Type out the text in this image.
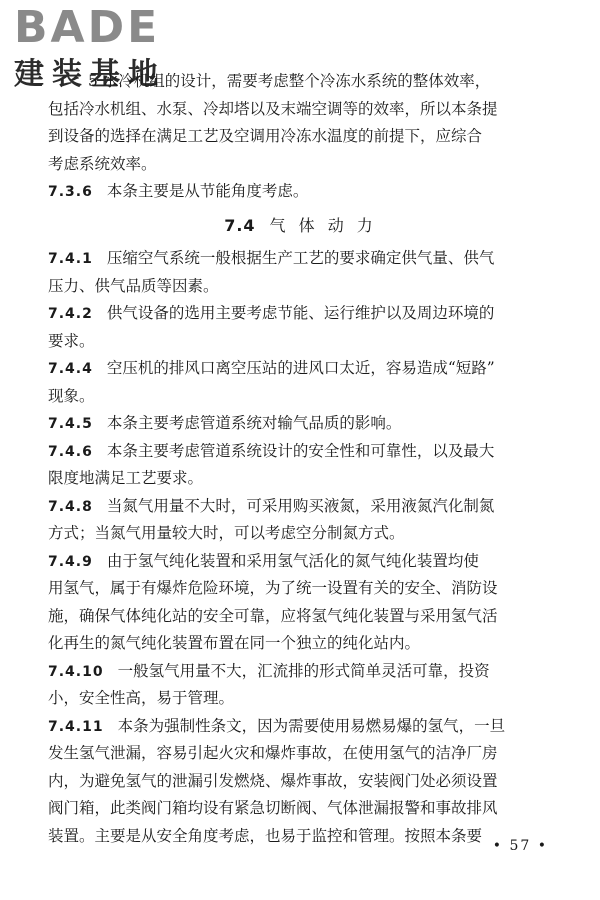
BADE
建装基地
5 水冷机组的设计，需要考虑整个冷冻水系统的整体效率，
包括冷水机组、水泵、冷却塔以及末端空调等的效率，所以本条提
到设备的选择在满足工艺及空调用冷冻水温度的前提下，应综合
考虑系统效率。
7.3.6 本条主要是从节能角度考虑。
7.4 气 体 动 力
7.4.1 压缩空气系统一般根据生产工艺的要求确定供气量、供气
压力、供气品质等因素。
7.4.2 供气设备的选用主要考虑节能、运行维护以及周边环境的
要求。
7.4.4 空压机的排风口离空压站的进风口太近，容易造成“短路”
现象。
7.4.5 本条主要考虑管道系统对输气品质的影响。
7.4.6 本条主要考虑管道系统设计的安全性和可靠性，以及最大
限度地满足工艺要求。
7.4.8 当氮气用量不大时，可采用购买液氮，采用液氮汽化制氮
方式；当氮气用量较大时，可以考虑空分制氮方式。
7.4.9 由于氢气纯化装置和采用氢气活化的氮气纯化装置均使
用氢气，属于有爆炸危险环境，为了统一设置有关的安全、消防设
施，确保气体纯化站的安全可靠，应将氢气纯化装置与采用氢气活
化再生的氮气纯化装置布置在同一个独立的纯化站内。
7.4.10 一般氢气用量不大，汇流排的形式简单灵活可靠，投资
小，安全性高，易于管理。
7.4.11 本条为强制性条文，因为需要使用易燃易爆的氢气，一旦
发生氢气泄漏，容易引起火灾和爆炸事故，在使用氢气的洁净厂房
内，为避免氢气的泄漏引发燃烧、爆炸事故，安装阀门处必须设置
阀门箱，此类阀门箱均设有紧急切断阀、气体泄漏报警和事故排风
装置。主要是从安全角度考虑，也易于监控和管理。按照本条要
• 57 •
